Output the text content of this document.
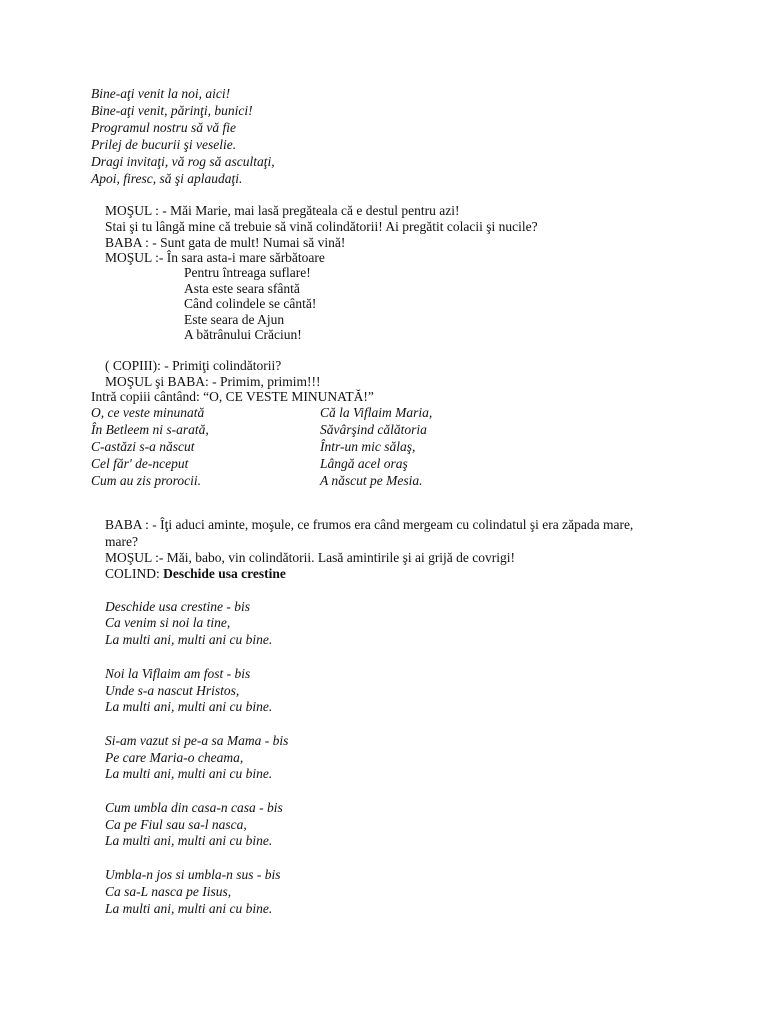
Bine-aţi venit la noi, aici!
Bine-aţi venit, părinţi, bunici!
Programul nostru să vă fie
Prilej de bucurii şi veselie.
Dragi invitaţi, vă rog să ascultaţi,
Apoi, firesc, să şi aplaudaţi.
MOŞUL : - Măi Marie, mai lasă pregăteala că e destul pentru azi!
Stai şi tu lângă mine că trebuie să vină colindătorii! Ai pregătit colacii şi nucile?
BABA : - Sunt gata de mult! Numai să vină!
MOŞUL :- În sara asta-i mare sărbătoare
Pentru întreaga suflare!
Asta este seara sfântă
Când colindele se cântă!
Este seara de Ajun
A bătrânului Crăciun!
( COPIII): - Primiţi colindătorii?
MOŞUL şi BABA: - Primim, primim!!!
Intră copiii cântând: “O, CE VESTE MINUNATĂ!”
O, ce veste minunată	Că la Viflaim Maria,
În Betleem ni s-arată,	Săvârşind călătoria
C-astăzi s-a născut	Într-un mic sălaş,
Cel făr' de-nceput	Lângă acel oraş
Cum au zis prorocii.	A născut pe Mesia.
BABA : - Îţi aduci aminte, moşule, ce frumos era când mergeam cu colindatul şi era zăpada mare, mare?
MOŞUL :- Măi, babo, vin colindătorii. Lasă amintirile şi ai grijă de covrigi!
COLIND: Deschide usa crestine
Deschide usa crestine - bis
Ca venim si noi la tine,
La multi ani, multi ani cu bine.
Noi la Viflaim am fost - bis
Unde s-a nascut Hristos,
La multi ani, multi ani cu bine.
Si-am vazut si pe-a sa Mama - bis
Pe care Maria-o cheama,
La multi ani, multi ani cu bine.
Cum umbla din casa-n casa - bis
Ca pe Fiul sau sa-l nasca,
La multi ani, multi ani cu bine.
Umbla-n jos si umbla-n sus - bis
Ca sa-L nasca pe Iisus,
La multi ani, multi ani cu bine.
